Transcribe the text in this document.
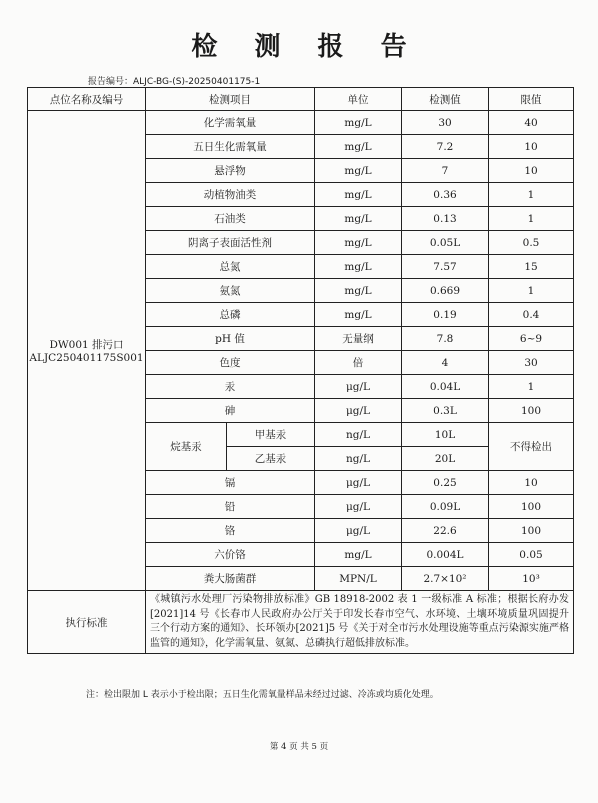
检 测 报 告
报告编号：ALJC-BG-(S)-20250401175-1
点位名称及编号	检测项目		单位	检测值	限值

DW001 排污口
ALJC250401175S001	化学需氧量		mg/L	30	40
	五日生化需氧量		mg/L	7.2	10
	悬浮物		mg/L	7	10
	动植物油类		mg/L	0.36	1
	石油类		mg/L	0.13	1
	阴离子表面活性剂		mg/L	0.05L	0.5
	总氮		mg/L	7.57	15
	氨氮		mg/L	0.669	1
	总磷		mg/L	0.19	0.4
	pH 值		无量纲	7.8	6~9
	色度		倍	4	30
	汞		μg/L	0.04L	1
	砷		μg/L	0.3L	100
	烷基汞	甲基汞	ng/L	10L	不得检出
		乙基汞	ng/L	20L	
	镉		μg/L	0.25	10
	铅		μg/L	0.09L	100
	铬		μg/L	22.6	100
	六价铬		mg/L	0.004L	0.05
	粪大肠菌群		MPN/L	2.7×10²	10³
执行标准	《城镇污水处理厂污染物排放标准》GB 18918-2002 表 1 一级标准 A 标准；根据长府办发[2021]14 号《长春市人民政府办公厅关于印发长春市空气、水环境、土壤环境质量巩固提升三个行动方案的通知》、长环领办[2021]5 号《关于对全市污水处理设施等重点污染源实施严格监管的通知》，化学需氧量、氨氮、总磷执行超低排放标准。				
注：检出限加 L 表示小于检出限；五日生化需氧量样品未经过过滤、冷冻或均质化处理。
第 4 页 共 5 页
